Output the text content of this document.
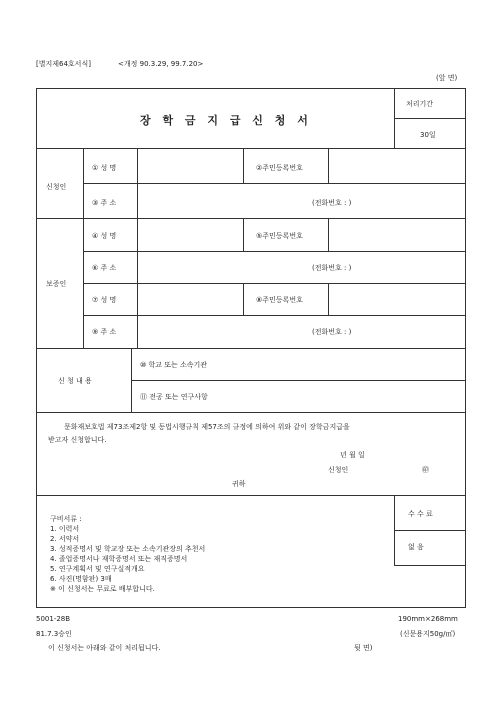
[별지제64호서식]	<개정 90.3.29, 99.7.20>
(앞 면)
장 학 금 지 급 신 청 서
처리기간
30일
신청인
① 성 명	②주민등록번호
③ 주 소	(전화번호 : )
보증인
④ 성 명	⑤주민등록번호
⑥ 주 소	(전화번호 : )
⑦ 성 명	⑧주민등록번호
⑨ 주 소	(전화번호 : )
신 청 내 용
⑩ 학교 또는 소속기관
⑪ 전공 또는 연구사항
문화재보호법 제73조제2항 및 동법시행규칙 제57조의 규정에 의하여 위와 같이 장학금지급을
받고자 신청합니다.
년 월 일
신청인	㊞
귀하
수 수 료
없 음
구비서류 :
1. 이력서
2. 서약서
3. 성적증명서 및 학교장 또는 소속기관장의 추천서
4. 졸업증명서나 재학증명서 또는 재직증명서
5. 연구계획서 및 연구실적개요
6. 사진(명함판) 3매
※ 이 신청서는 무료로 배부합니다.
5001-28B	190mm×268mm
81.7.3승인	(신문용지50g/㎡)
이 신청서는 아래와 같이 처리됩니다.	뒷 면)
